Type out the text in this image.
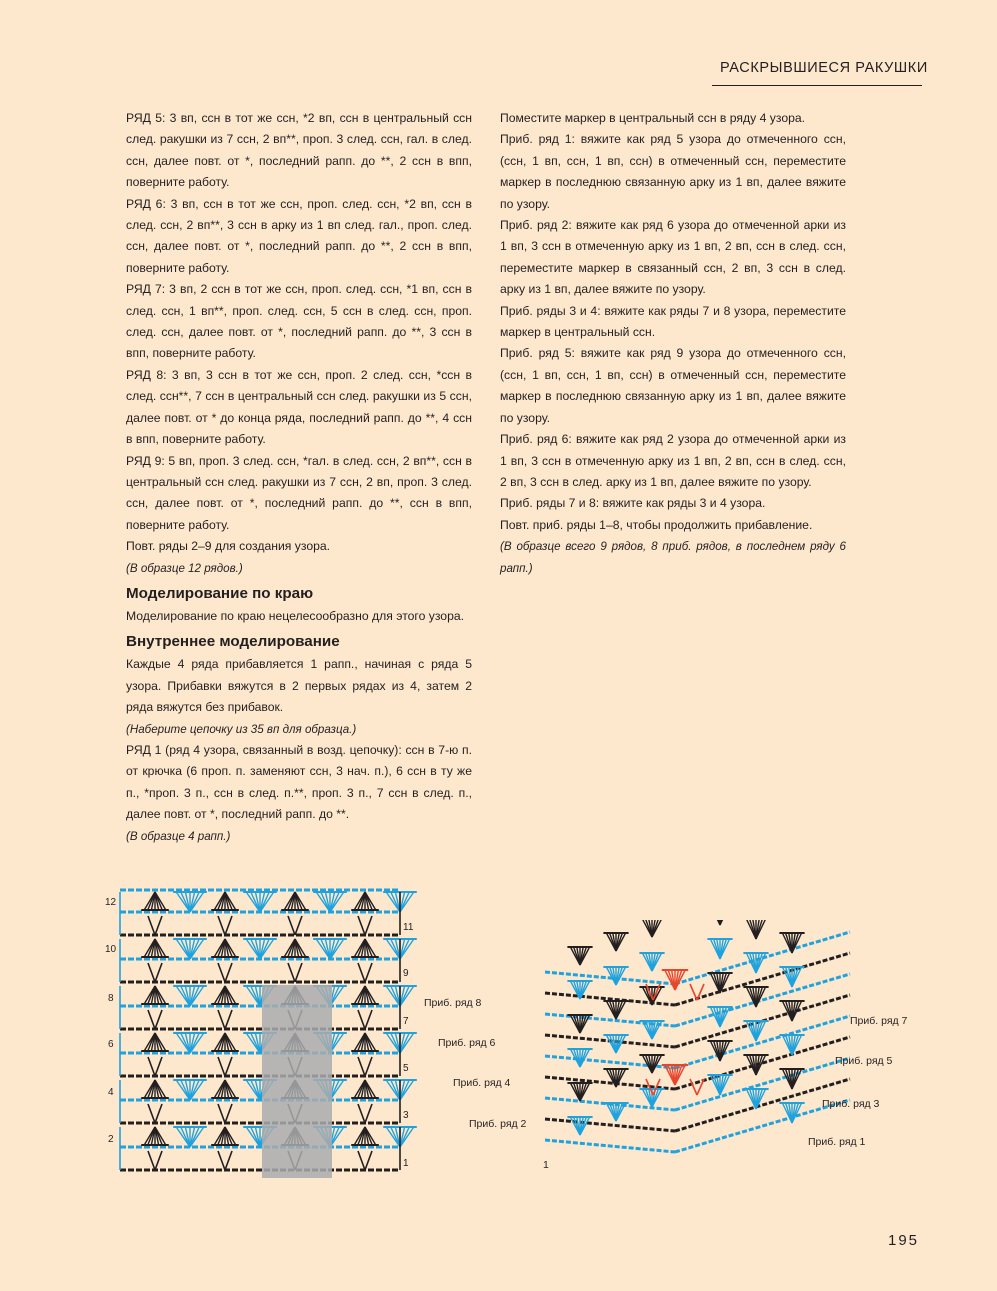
РАСКРЫВШИЕСЯ РАКУШКИ

РЯД 5: 3 вп, ссн в тот же ссн, *2 вп, ссн в центральный ссн след. ракушки из 7 ссн, 2 вп**, проп. 3 след. ссн, гал. в след. ссн, далее повт. от *, последний рапп. до **, 2 ссн в впп, поверните работу.

РЯД 6: 3 вп, ссн в тот же ссн, проп. след. ссн, *2 вп, ссн в след. ссн, 2 вп**, 3 ссн в арку из 1 вп след. гал., проп. след. ссн, далее повт. от *, последний рапп. до **, 2 ссн в впп, поверните работу.

РЯД 7: 3 вп, 2 ссн в тот же ссн, проп. след. ссн, *1 вп, ссн в след. ссн, 1 вп**, проп. след. ссн, 5 ссн в след. ссн, проп. след. ссн, далее повт. от *, последний рапп. до **, 3 ссн в впп, поверните работу.

РЯД 8: 3 вп, 3 ссн в тот же ссн, проп. 2 след. ссн, *ссн в след. ссн**, 7 ссн в центральный ссн след. ракушки из 5 ссн, далее повт. от * до конца ряда, последний рапп. до **, 4 ссн в впп, поверните работу.

РЯД 9: 5 вп, проп. 3 след. ссн, *гал. в след. ссн, 2 вп**, ссн в центральный ссн след. ракушки из 7 ссн, 2 вп, проп. 3 след. ссн, далее повт. от *, последний рапп. до **, ссн в впп, поверните работу.

Повт. ряды 2–9 для создания узора.

(В образце 12 рядов.)

Моделирование по краю

Моделирование по краю нецелесообразно для этого узора.

Внутреннее моделирование

Каждые 4 ряда прибавляется 1 рапп., начиная с ряда 5 узора. Прибавки вяжутся в 2 первых рядах из 4, затем 2 ряда вяжутся без прибавок.

(Наберите цепочку из 35 вп для образца.)

РЯД 1 (ряд 4 узора, связанный в возд. цепочку): ссн в 7-ю п. от крючка (6 проп. п. заменяют ссн, 3 нач. п.), 6 ссн в ту же п., *проп. 3 п., ссн в след. п.**, проп. 3 п., 7 ссн в след. п., далее повт. от *, последний рапп. до **.

(В образце 4 рапп.)

Поместите маркер в центральный ссн в ряду 4 узора.

Приб. ряд 1: вяжите как ряд 5 узора до отмеченного ссн, (ссн, 1 вп, ссн, 1 вп, ссн) в отмеченный ссн, переместите маркер в последнюю связанную арку из 1 вп, далее вяжите по узору.

Приб. ряд 2: вяжите как ряд 6 узора до отмеченной арки из 1 вп, 3 ссн в отмеченную арку из 1 вп, 2 вп, ссн в след. ссн, переместите маркер в связанный ссн, 2 вп, 3 ссн в след. арку из 1 вп, далее вяжите по узору.

Приб. ряды 3 и 4: вяжите как ряды 7 и 8 узора, переместите маркер в центральный ссн.

Приб. ряд 5: вяжите как ряд 9 узора до отмеченного ссн, (ссн, 1 вп, ссн, 1 вп, ссн) в отмеченный ссн, переместите маркер в последнюю связанную арку из 1 вп, далее вяжите по узору.

Приб. ряд 6: вяжите как ряд 2 узора до отмеченной арки из 1 вп, 3 ссн в отмеченную арку из 1 вп, 2 вп, ссн в след. ссн, 2 вп, 3 ссн в след. арку из 1 вп, далее вяжите по узору.

Приб. ряды 7 и 8: вяжите как ряды 3 и 4 узора.

Повт. приб. ряды 1–8, чтобы продолжить прибавление.

(В образце всего 9 рядов, 8 приб. рядов, в последнем ряду 6 рапп.)

12
10
8
6
4
2
11
9
7
5
3
1
Приб. ряд 8
Приб. ряд 6
Приб. ряд 4
Приб. ряд 2
1
Приб. ряд 7
Приб. ряд 5
Приб. ряд 3
Приб. ряд 1
195
